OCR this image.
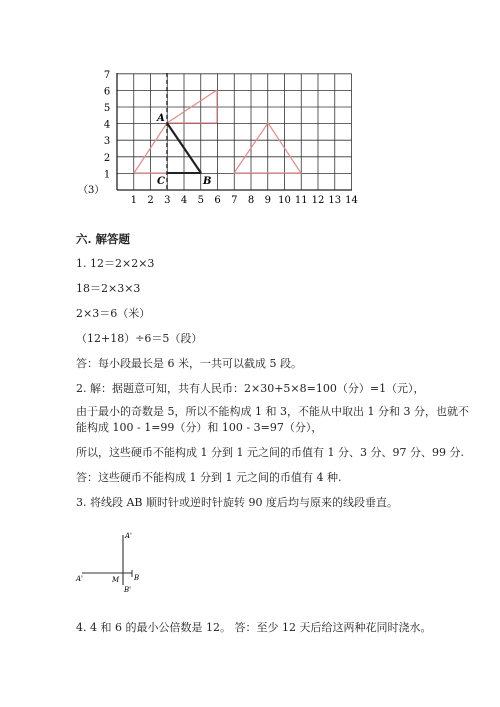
1
2
3
4
5
6
7
1 2 3 4 5 6 7 8 9 10 11 12 13 14
A
C	B
（3）
六. 解答题
1. 12＝2×2×3
18＝2×3×3
2×3＝6（米）
（12+18）÷6＝5（段）
答：每小段最长是 6 米，一共可以截成 5 段。
2. 解：据题意可知，共有人民币：2×30+5×8=100（分）=1（元），
由于最小的奇数是 5，所以不能构成 1 和 3，不能从中取出 1 分和 3 分，也就不能构成 100 - 1=99（分）和 100 - 3=97（分），
所以，这些硬币不能构成 1 分到 1 元之间的币值有 1 分、3 分、97 分、99 分.
答：这些硬币不能构成 1 分到 1 元之间的币值有 4 种.
3. 将线段 AB 顺时针或逆时针旋转 90 度后均与原来的线段垂直。
A'
A'	M B
B'
4. 4 和 6 的最小公倍数是 12。 答：至少 12 天后给这两种花同时浇水。
